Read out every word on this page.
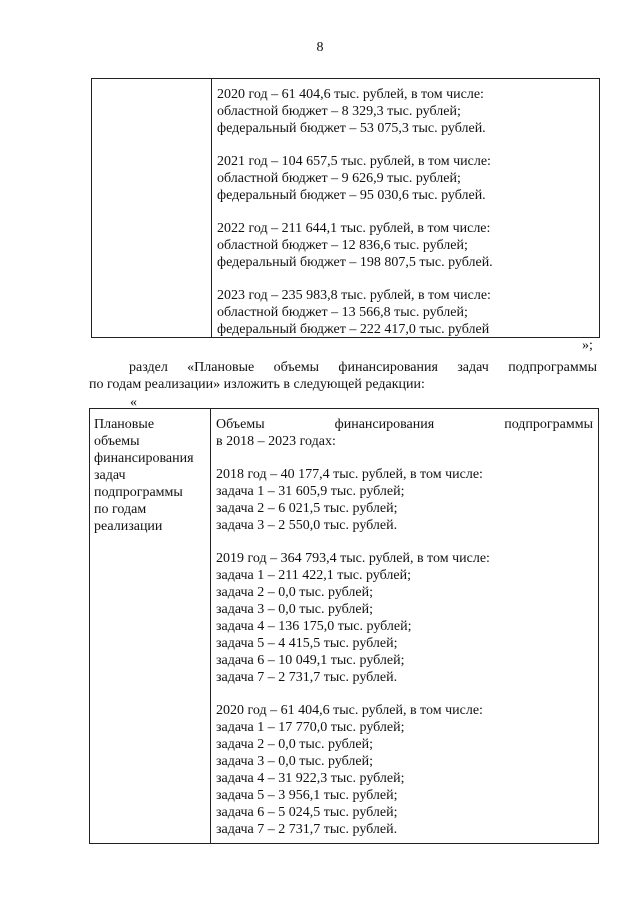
8
2020 год – 61 404,6 тыс. рублей, в том числе:
областной бюджет – 8 329,3 тыс. рублей;
федеральный бюджет – 53 075,3 тыс. рублей.
2021 год – 104 657,5 тыс. рублей, в том числе:
областной бюджет – 9 626,9 тыс. рублей;
федеральный бюджет – 95 030,6 тыс. рублей.
2022 год – 211 644,1 тыс. рублей, в том числе:
областной бюджет – 12 836,6 тыс. рублей;
федеральный бюджет – 198 807,5 тыс. рублей.
2023 год – 235 983,8 тыс. рублей, в том числе:
областной бюджет – 13 566,8 тыс. рублей;
федеральный бюджет – 222 417,0 тыс. рублей
»;
раздел «Плановые объемы финансирования задач подпрограммы
по годам реализации» изложить в следующей редакции:
«
Плановые
объемы
финансирования
задач
подпрограммы
по годам
реализации
Объемы	финансирования	подпрограммы
в 2018 – 2023 годах:
2018 год – 40 177,4 тыс. рублей, в том числе:
задача 1 – 31 605,9 тыс. рублей;
задача 2 – 6 021,5 тыс. рублей;
задача 3 – 2 550,0 тыс. рублей.
2019 год – 364 793,4 тыс. рублей, в том числе:
задача 1 – 211 422,1 тыс. рублей;
задача 2 – 0,0 тыс. рублей;
задача 3 – 0,0 тыс. рублей;
задача 4 – 136 175,0 тыс. рублей;
задача 5 – 4 415,5 тыс. рублей;
задача 6 – 10 049,1 тыс. рублей;
задача 7 – 2 731,7 тыс. рублей.
2020 год – 61 404,6 тыс. рублей, в том числе:
задача 1 – 17 770,0 тыс. рублей;
задача 2 – 0,0 тыс. рублей;
задача 3 – 0,0 тыс. рублей;
задача 4 – 31 922,3 тыс. рублей;
задача 5 – 3 956,1 тыс. рублей;
задача 6 – 5 024,5 тыс. рублей;
задача 7 – 2 731,7 тыс. рублей.
